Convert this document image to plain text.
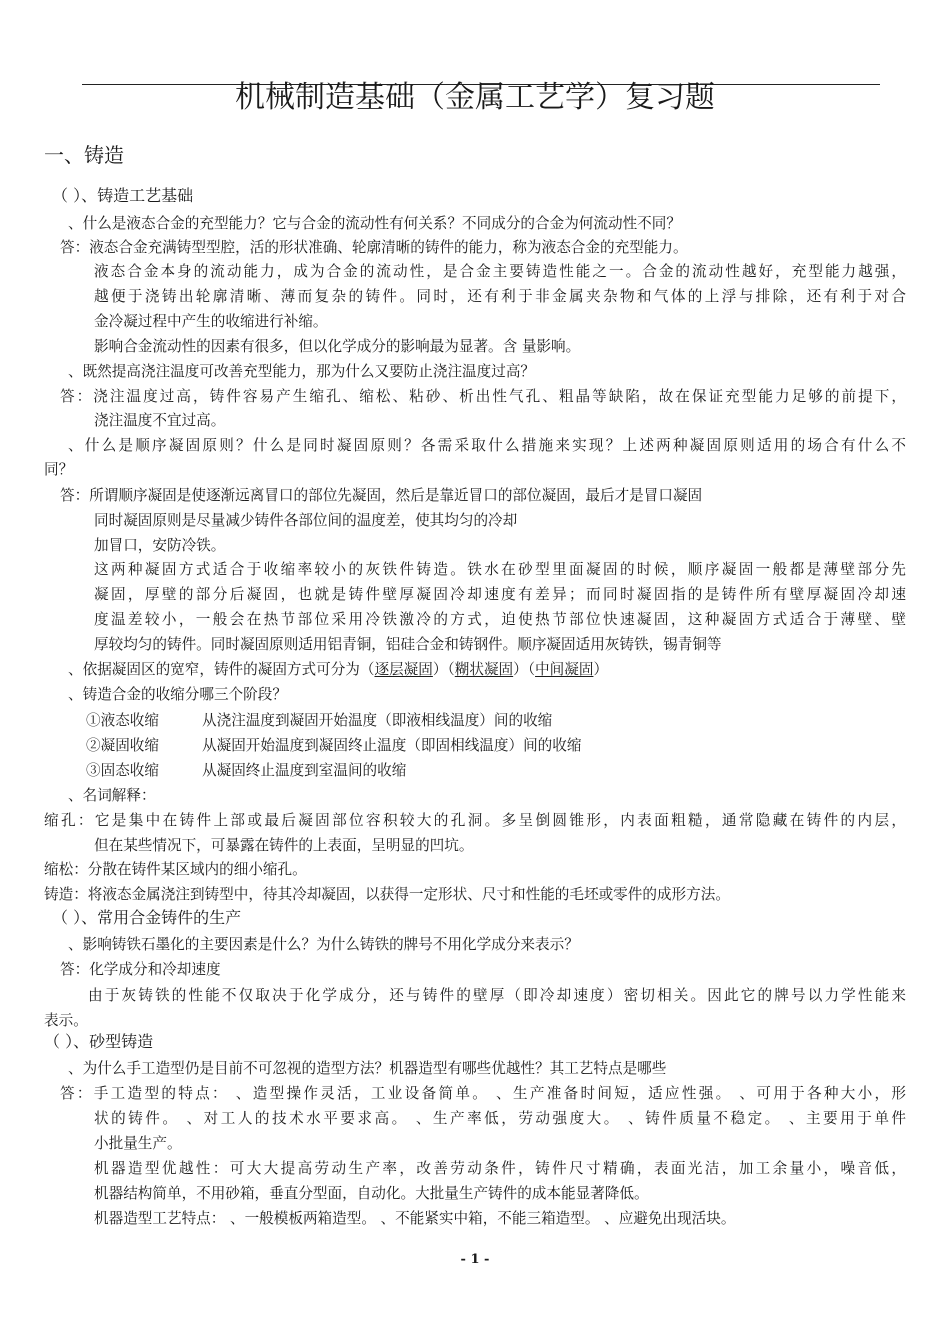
机械制造基础（金属工艺学）复习题
一、铸造
（ ）、铸造工艺基础
、什么是液态合金的充型能力？它与合金的流动性有何关系？不同成分的合金为何流动性不同？
答：液态合金充满铸型型腔，活的形状准确、轮廓清晰的铸件的能力，称为液态合金的充型能力。
液态合金本身的流动能力，成为合金的流动性，是合金主要铸造性能之一。合金的流动性越好，充型能力越强，
越便于浇铸出轮廓清晰、薄而复杂的铸件。同时，还有利于非金属夹杂物和气体的上浮与排除，还有利于对合
金冷凝过程中产生的收缩进行补缩。
影响合金流动性的因素有很多，但以化学成分的影响最为显著。含 量影响。
、既然提高浇注温度可改善充型能力，那为什么又要防止浇注温度过高？
答：浇注温度过高，铸件容易产生缩孔、缩松、粘砂、析出性气孔、粗晶等缺陷，故在保证充型能力足够的前提下，
浇注温度不宜过高。
、什么是顺序凝固原则？什么是同时凝固原则？各需采取什么措施来实现？上述两种凝固原则适用的场合有什么不
同？
答：所谓顺序凝固是使逐渐远离冒口的部位先凝固，然后是靠近冒口的部位凝固，最后才是冒口凝固
同时凝固原则是尽量减少铸件各部位间的温度差，使其均匀的冷却
加冒口，安防冷铁。
这两种凝固方式适合于收缩率较小的灰铁件铸造。铁水在砂型里面凝固的时候，顺序凝固一般都是薄壁部分先
凝固，厚壁的部分后凝固，也就是铸件壁厚凝固冷却速度有差异；而同时凝固指的是铸件所有壁厚凝固冷却速
度温差较小，一般会在热节部位采用冷铁激冷的方式，迫使热节部位快速凝固，这种凝固方式适合于薄壁、壁
厚较均匀的铸件。同时凝固原则适用铝青铜，铝硅合金和铸钢件。顺序凝固适用灰铸铁，锡青铜等
、依据凝固区的宽窄，铸件的凝固方式可分为（逐层凝固）（糊状凝固）（中间凝固）
、铸造合金的收缩分哪三个阶段？
①液态收缩	从浇注温度到凝固开始温度（即液相线温度）间的收缩
②凝固收缩	从凝固开始温度到凝固终止温度（即固相线温度）间的收缩
③固态收缩	从凝固终止温度到室温间的收缩
、名词解释：
缩孔：它是集中在铸件上部或最后凝固部位容积较大的孔洞。多呈倒圆锥形，内表面粗糙，通常隐藏在铸件的内层，
但在某些情况下，可暴露在铸件的上表面，呈明显的凹坑。
缩松：分散在铸件某区域内的细小缩孔。
铸造：将液态金属浇注到铸型中，待其冷却凝固，以获得一定形状、尺寸和性能的毛坯或零件的成形方法。
（ ）、常用合金铸件的生产
、影响铸铁石墨化的主要因素是什么？为什么铸铁的牌号不用化学成分来表示？
答：化学成分和冷却速度
由于灰铸铁的性能不仅取决于化学成分，还与铸件的壁厚（即冷却速度）密切相关。因此它的牌号以力学性能来
表示。
（ ）、砂型铸造
、为什么手工造型仍是目前不可忽视的造型方法？机器造型有哪些优越性？其工艺特点是哪些
答：手工造型的特点： 、造型操作灵活，工业设备简单。 、生产准备时间短，适应性强。 、可用于各种大小，形
状的铸件。 、对工人的技术水平要求高。 、生产率低，劳动强度大。 、铸件质量不稳定。 、主要用于单件
小批量生产。
机器造型优越性：可大大提高劳动生产率，改善劳动条件，铸件尺寸精确，表面光洁，加工余量小，噪音低，
机器结构简单，不用砂箱，垂直分型面，自动化。大批量生产铸件的成本能显著降低。
机器造型工艺特点： 、一般模板两箱造型。 、不能紧实中箱，不能三箱造型。 、应避免出现活块。
- 1 -
